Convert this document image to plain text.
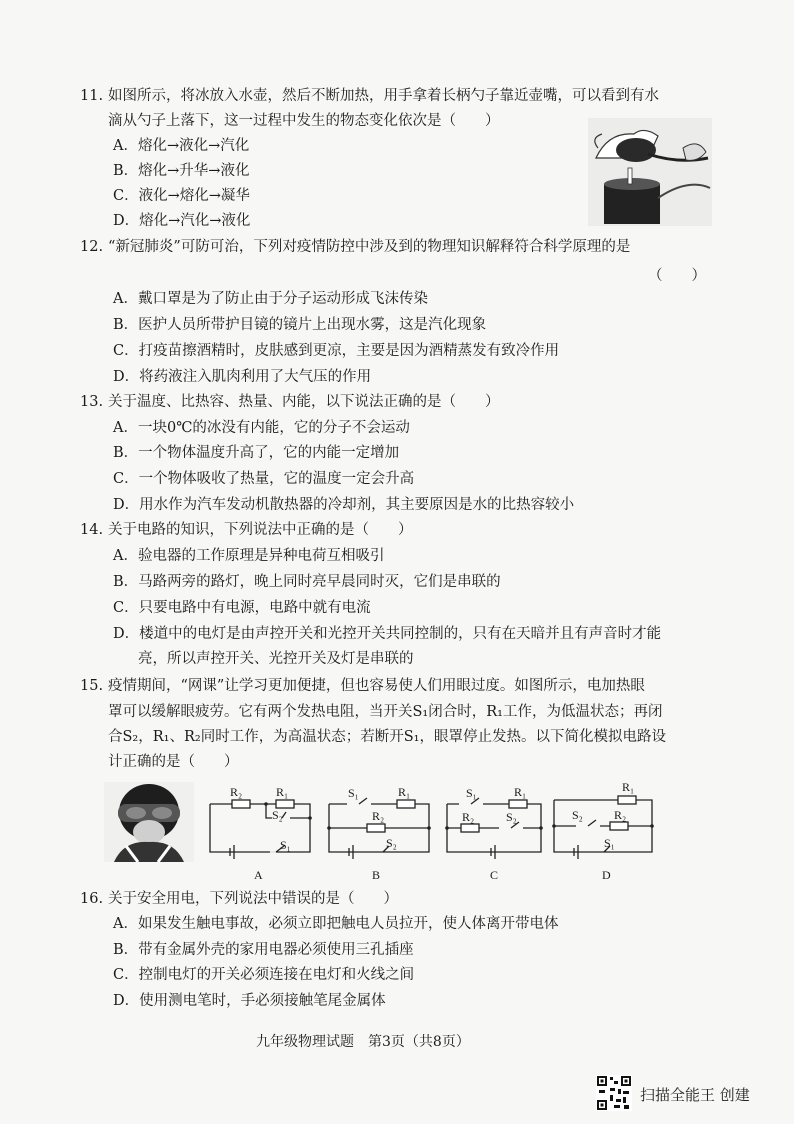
11. 如图所示，将冰放入水壶，然后不断加热，用手拿着长柄勺子靠近壶嘴，可以看到有水
滴从勺子上落下，这一过程中发生的物态变化依次是（　　）
A．熔化→液化→汽化
B．熔化→升华→液化
C．液化→熔化→凝华
D．熔化→汽化→液化
12. “新冠肺炎”可防可治，下列对疫情防控中涉及到的物理知识解释符合科学原理的是
（　　）
A．戴口罩是为了防止由于分子运动形成飞沫传染
B．医护人员所带护目镜的镜片上出现水雾，这是汽化现象
C．打疫苗擦酒精时，皮肤感到更凉，主要是因为酒精蒸发有致冷作用
D．将药液注入肌肉利用了大气压的作用
13. 关于温度、比热容、热量、内能，以下说法正确的是（　　）
A．一块0℃的冰没有内能，它的分子不会运动
B．一个物体温度升高了，它的内能一定增加
C．一个物体吸收了热量，它的温度一定会升高
D．用水作为汽车发动机散热器的冷却剂，其主要原因是水的比热容较小
14. 关于电路的知识，下列说法中正确的是（　　）
A．验电器的工作原理是异种电荷互相吸引
B．马路两旁的路灯，晚上同时亮早晨同时灭，它们是串联的
C．只要电路中有电源，电路中就有电流
D．楼道中的电灯是由声控开关和光控开关共同控制的，只有在天暗并且有声音时才能
亮，所以声控开关、光控开关及灯是串联的
15. 疫情期间，“网课”让学习更加便捷，但也容易使人们用眼过度。如图所示，电加热眼
罩可以缓解眼疲劳。它有两个发热电阻，当开关S₁闭合时，R₁工作，为低温状态；再闭
合S₂，R₁、R₂同时工作，为高温状态；若断开S₁，眼罩停止发热。以下简化模拟电路设
计正确的是（　　）
R₂	R₁
S₂
S₁
S₁	R₁
R₂
S₂
S₁	R₁
R₂	S₂
R₁
S₂	R₂
S₁
A	B	C	D
16. 关于安全用电，下列说法中错误的是（　　）
A．如果发生触电事故，必须立即把触电人员拉开，使人体离开带电体
B．带有金属外壳的家用电器必须使用三孔插座
C．控制电灯的开关必须连接在电灯和火线之间
D．使用测电笔时，手必须接触笔尾金属体
九年级物理试题　第3页（共8页）
扫描全能王 创建
